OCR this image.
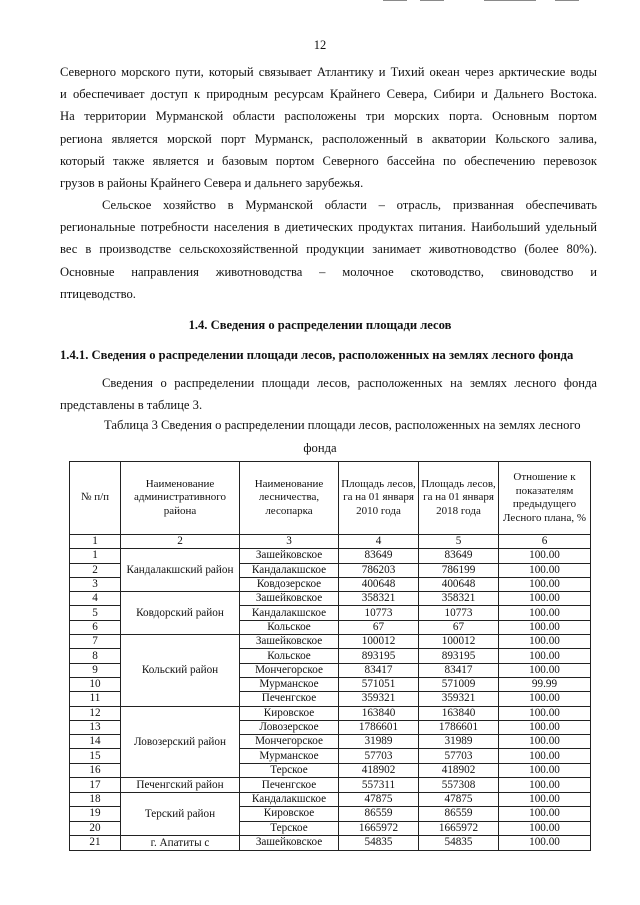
12

Северного морского пути, который связывает Атлантику и Тихий океан через арктические воды
и обеспечивает доступ к природным ресурсам Крайнего Севера, Сибири и Дальнего Востока.
На территории Мурманской области расположены три морских порта. Основным портом
региона является морской порт Мурманск, расположенный в акватории Кольского залива,
который также является и базовым портом Северного бассейна по обеспечению перевозок
грузов в районы Крайнего Севера и дальнего зарубежья.

Сельское хозяйство в Мурманской области – отрасль, призванная обеспечивать
региональные потребности населения в диетических продуктах питания. Наибольший удельный
вес в производстве сельскохозяйственной продукции занимает животноводство (более 80%).
Основные направления животноводства – молочное скотоводство, свиноводство и
птицеводство.

1.4. Сведения о распределении площади лесов
1.4.1. Сведения о распределении площади лесов, расположенных на землях лесного фонда

Сведения о распределении площади лесов, расположенных на землях лесного фонда
представлены в таблице 3.

Таблица 3 Сведения о распределении площади лесов, расположенных на землях лесного
фонда
№ п/п	Наименование административного района	Наименование лесничества, лесопарка	Площадь лесов, га на 01 января 2010 года	Площадь лесов, га на 01 января 2018 года	Отношение к показателям предыдущего Лесного плана, %
1	2	3	4	5	6
1	Кандалакшский район	Зашейковское	83649	83649	100.00
2		Кандалакшское	786203	786199	100.00
3		Ковдозерское	400648	400648	100.00
4	Ковдорский район	Зашейковское	358321	358321	100.00
5		Кандалакшское	10773	10773	100.00
6		Кольское	67	67	100.00
7	Кольский район	Зашейковское	100012	100012	100.00
8		Кольское	893195	893195	100.00
9		Мончегорское	83417	83417	100.00
10		Мурманское	571051	571009	99.99
11		Печенгское	359321	359321	100.00
12	Ловозерский район	Кировское	163840	163840	100.00
13		Ловозерское	1786601	1786601	100.00
14		Мончегорское	31989	31989	100.00
15		Мурманское	57703	57703	100.00
16		Терское	418902	418902	100.00
17	Печенгский район	Печенгское	557311	557308	100.00
18	Терский район	Кандалакшское	47875	47875	100.00
19		Кировское	86559	86559	100.00
20		Терское	1665972	1665972	100.00
21	г. Апатиты с	Зашейковское	54835	54835	100.00
